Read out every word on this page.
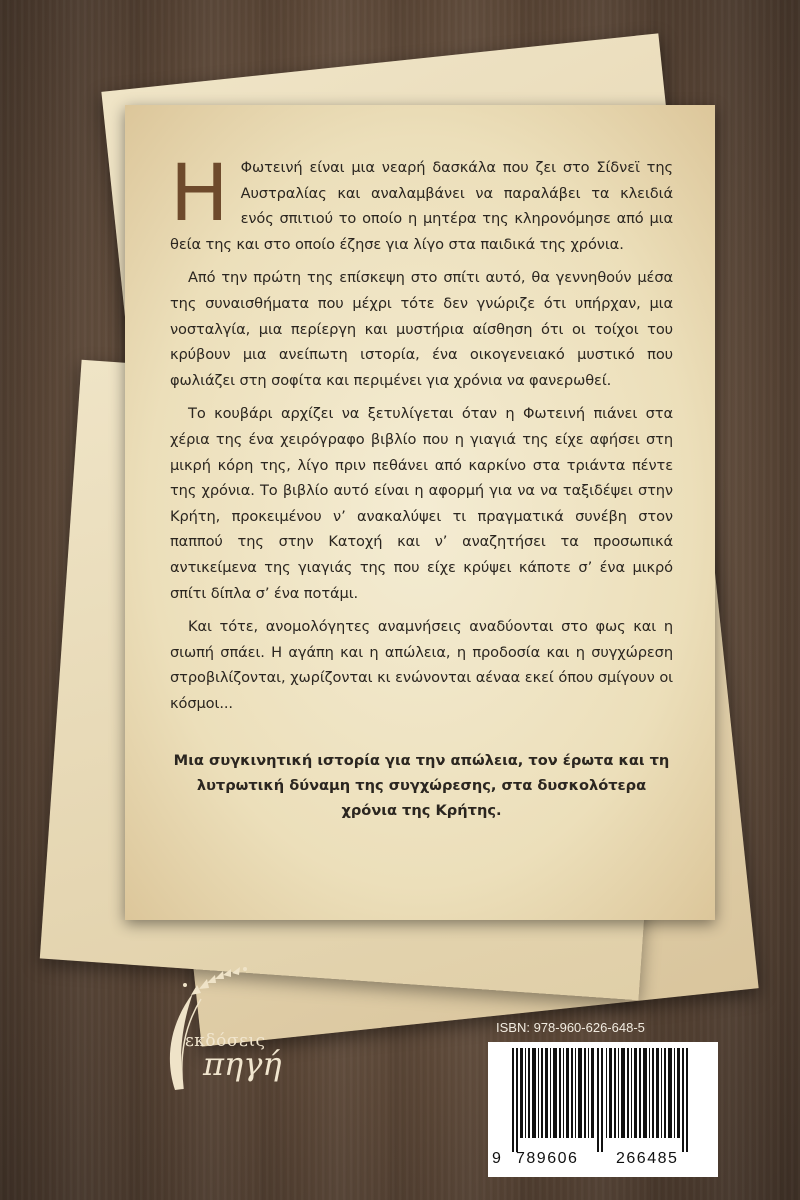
Η Φωτεινή είναι μια νεαρή δασκάλα που ζει στο Σίδνεϊ της Αυστραλίας και αναλαμβάνει να παραλάβει τα κλειδιά ενός σπιτιού το οποίο η μητέρα της κληρονόμησε από μια θεία της και στο οποίο έζησε για λίγο στα παιδικά της χρόνια.

Από την πρώτη της επίσκεψη στο σπίτι αυτό, θα γεννηθούν μέσα της συναισθήματα που μέχρι τότε δεν γνώριζε ότι υπήρχαν, μια νοσταλγία, μια περίεργη και μυστήρια αίσθηση ότι οι τοίχοι του κρύβουν μια ανείπωτη ιστορία, ένα οικογενειακό μυστικό που φωλιάζει στη σοφίτα και περιμένει για χρόνια να φανερωθεί.

Το κουβάρι αρχίζει να ξετυλίγεται όταν η Φωτεινή πιάνει στα χέρια της ένα χειρόγραφο βιβλίο που η γιαγιά της είχε αφήσει στη μικρή κόρη της, λίγο πριν πεθάνει από καρκίνο στα τριάντα πέντε της χρόνια. Το βιβλίο αυτό είναι η αφορμή για να να ταξιδέψει στην Κρήτη, προκειμένου ν’ ανακαλύψει τι πραγματικά συνέβη στον παππού της στην Κατοχή και ν’ αναζητήσει τα προσωπικά αντικείμενα της γιαγιάς της που είχε κρύψει κάποτε σ’ ένα μικρό σπίτι δίπλα σ’ ένα ποτάμι.

Και τότε, ανομολόγητες αναμνήσεις αναδύονται στο φως και η σιωπή σπάει. Η αγάπη και η απώλεια, η προδοσία και η συγχώρεση στροβιλίζονται, χωρίζονται κι ενώνονται αέναα εκεί όπου σμίγουν οι κόσμοι...

Μια συγκινητική ιστορία για την απώλεια, τον έρωτα και τη λυτρωτική δύναμη της συγχώρεσης, στα δυσκολότερα χρόνια της Κρήτης.

εκδόσεις
πηγή
ISBN: 978-960-626-648-5
9 789606 266485
